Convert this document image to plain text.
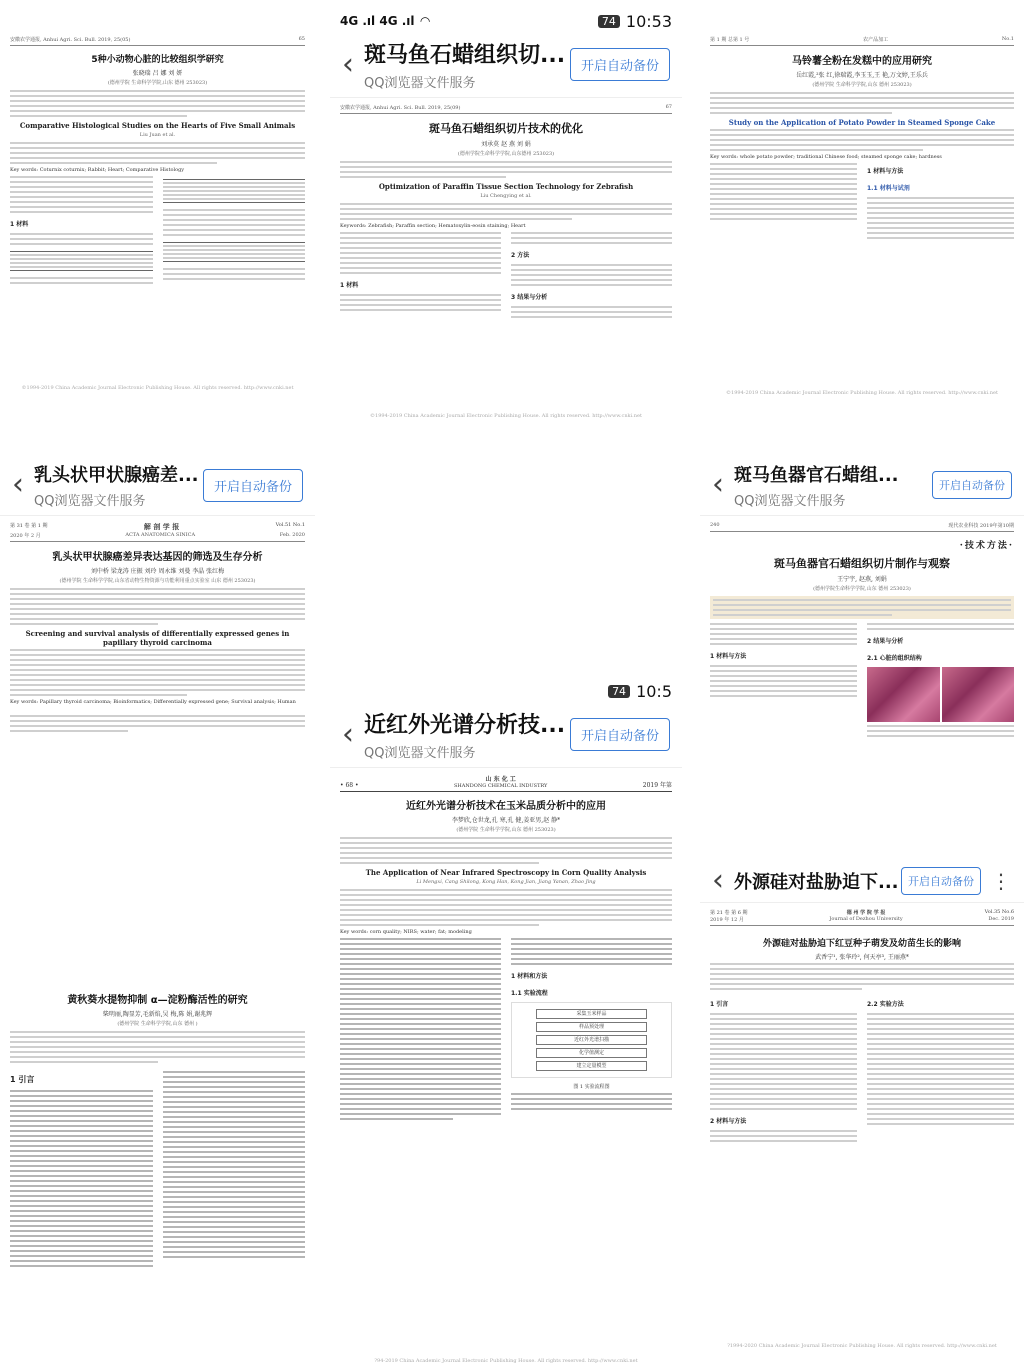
安徽农学通报, Anhui Agri. Sci. Bull. 2019, 25(05)	65
5种小动物心脏的比较组织学研究
张晓瑞 吕 娜 刘 妍
(德州学院 生命科学学院,山东 德州 253023)
Comparative Histological Studies on the Hearts of Five Small Animals
Liu Juan et al.
Key words: Coturnix coturnix; Rabbit; Heart; Comparative Histology
1 材料
©1994-2019 China Academic Journal Electronic Publishing House. All rights reserved. http://www.cnki.net
4G .ıl 4G .ıl ◠	74 10:53
‹ 斑马鱼石蜡组织切...
QQ浏览器文件服务
开启自动备份
安徽农学通报, Anhui Agri. Sci. Bull. 2019, 25(09)	67
斑马鱼石蜡组织切片技术的优化
刘承莫 赵 燕 刘 娟
(德州学院生命科学学院,山东德州 253023)
Optimization of Paraffin Tissue Section Technology for Zebrafish
Liu Chengying et al.
Keywords: Zebrafish; Paraffin section; Hematoxylin-eosin staining; Heart
1 材料
2 方法
3 结果与分析
©1994-2019 China Academic Journal Electronic Publishing House. All rights reserved. http://www.cnki.net
第 1 期 总第 1 号	农产品加工	No.1
马铃薯全粉在发糕中的应用研究
岳红霞,²张 红,徐瑞霞,李玉玉,王 艳,万文婷,王乐兵
(德州学院 生命科学学院,山东 德州 253023)
Study on the Application of Potato Powder in Steamed Sponge Cake
Key words: whole potato powder; traditional Chinese food; steamed sponge cake; hardness
1 材料与方法
1.1 材料与试剂
©1994-2019 China Academic Journal Electronic Publishing House. All rights reserved. http://www.cnki.net
‹ 乳头状甲状腺癌差...
QQ浏览器文件服务
开启自动备份
第 31 卷 第 1 期	解 剖 学 报	Vol.51 No.1
2020 年 2 月	ACTA ANATOMICA SINICA	Feb. 2020
乳头状甲状腺癌差异表达基因的筛选及生存分析
刘中桥 梁龙涛 庄振 刘玲 周永维 刘曼 李晶 张红梅
(德州学院 生命科学学院,山东省动物生物资源与功能利用重点实验室 山东 德州 253023)
Screening and survival analysis of differentially expressed genes in papillary thyroid carcinoma
Key words: Papillary thyroid carcinoma; Bioinformatics; Differentially expressed gene; Survival analysis; Human
‹ 斑马鱼器官石蜡组...
QQ浏览器文件服务
开启自动备份
240	现代农业科技 2019年第10期
·技术方法·
斑马鱼器官石蜡组织切片制作与观察
王宁宇, 赵燕, 刘娟
(德州学院生命科学学院,山东 德州 253023)
1 材料与方法
2 结果与分析
2.1 心脏的组织结构
74 10:5
‹ 近红外光谱分析技...
QQ浏览器文件服务
开启自动备份
• 68 •
山 东 化 工
SHANDONG CHEMICAL INDUSTRY	2019 年第
近红外光谱分析技术在玉米品质分析中的应用
李梦欣,仓世龙,孔 寒,孔 健,姜亚男,赵 静*
(德州学院 生命科学学院,山东 德州 253023)
The Application of Near Infrared Spectroscopy in Corn Quality Analysis
Li Mengxi, Cang Shilong, Kong Han, Kong Jian, Jiang Yanan, Zhao Jing
Key words: corn quality; NIRS; water; fat; modeling
1 材料和方法
1.1 实验流程
采集玉米样品
样品预处理
近红外光谱扫描
化学值测定
建立定量模型
图 1 实验流程图
?94-2019 China Academic Journal Electronic Publishing House. All rights reserved. http://www.cnki.net
黄秋葵水提物抑制 α—淀粉酶活性的研究
柴明丽,陶显芳,毛新焰,吴 梅,陈 娟,谢兆辉
(德州学院 生命科学学院,山东 德州 )
1 引言
‹ 外源硅对盐胁迫下... 开启自动备份 ⋮
第 21 卷 第 6 期	德 州 学 院 学 报	Vol.35 No.6
2019 年 12 月	Journal of Dezhou University	Dec. 2019
外源硅对盐胁迫下红豆种子萌发及幼苗生长的影响
武香宁¹, 张华玲², 何天亭³, 王丽燕*
1 引言
2 材料与方法
2.2 实验方法
?1994-2020 China Academic Journal Electronic Publishing House. All rights reserved. http://www.cnki.net
